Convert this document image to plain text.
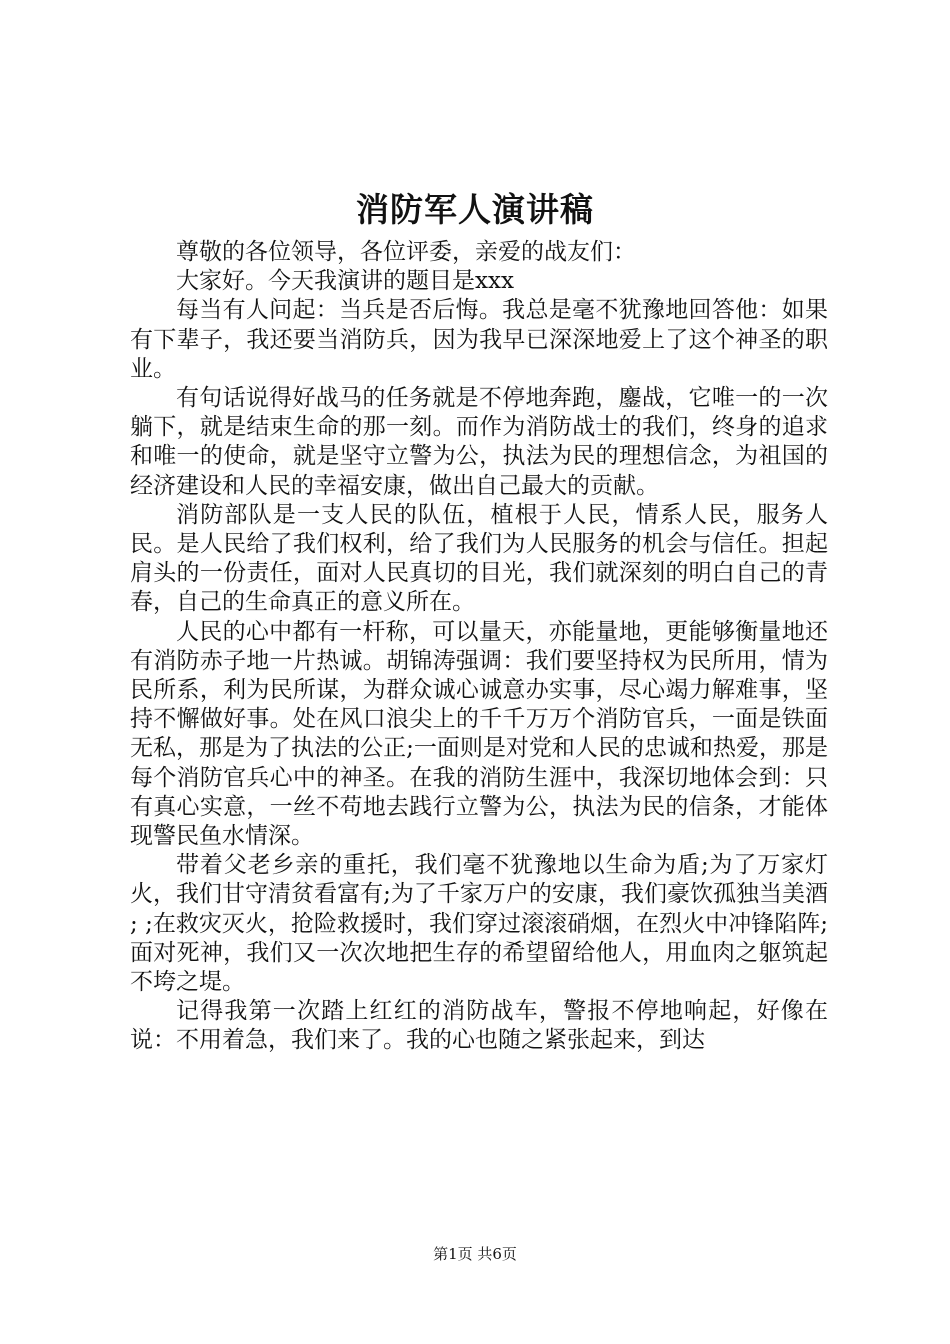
消防军人演讲稿

尊敬的各位领导，各位评委，亲爱的战友们：

大家好。今天我演讲的题目是xxx

每当有人问起：当兵是否后悔。我总是毫不犹豫地回答他：如果有下辈子，我还要当消防兵，因为我早已深深地爱上了这个神圣的职业。

有句话说得好战马的任务就是不停地奔跑，鏖战，它唯一的一次躺下，就是结束生命的那一刻。而作为消防战士的我们，终身的追求和唯一的使命，就是坚守立警为公，执法为民的理想信念，为祖国的经济建设和人民的幸福安康，做出自己最大的贡献。

消防部队是一支人民的队伍，植根于人民，情系人民，服务人民。是人民给了我们权利，给了我们为人民服务的机会与信任。担起肩头的一份责任，面对人民真切的目光，我们就深刻的明白自己的青春，自己的生命真正的意义所在。

人民的心中都有一杆称，可以量天，亦能量地，更能够衡量地还有消防赤子地一片热诚。胡锦涛强调：我们要坚持权为民所用，情为民所系，利为民所谋，为群众诚心诚意办实事，尽心竭力解难事，坚持不懈做好事。处在风口浪尖上的千千万万个消防官兵，一面是铁面无私，那是为了执法的公正;一面则是对党和人民的忠诚和热爱，那是每个消防官兵心中的神圣。在我的消防生涯中，我深切地体会到：只有真心实意，一丝不苟地去践行立警为公，执法为民的信条，才能体现警民鱼水情深。

带着父老乡亲的重托，我们毫不犹豫地以生命为盾;为了万家灯火，我们甘守清贫看富有;为了千家万户的安康，我们豪饮孤独当美酒 ; ;在救灾灭火，抢险救援时，我们穿过滚滚硝烟，在烈火中冲锋陷阵;面对死神，我们又一次次地把生存的希望留给他人，用血肉之躯筑起不垮之堤。

记得我第一次踏上红红的消防战车，警报不停地响起，好像在说：不用着急，我们来了。我的心也随之紧张起来，到达

第1页 共6页
